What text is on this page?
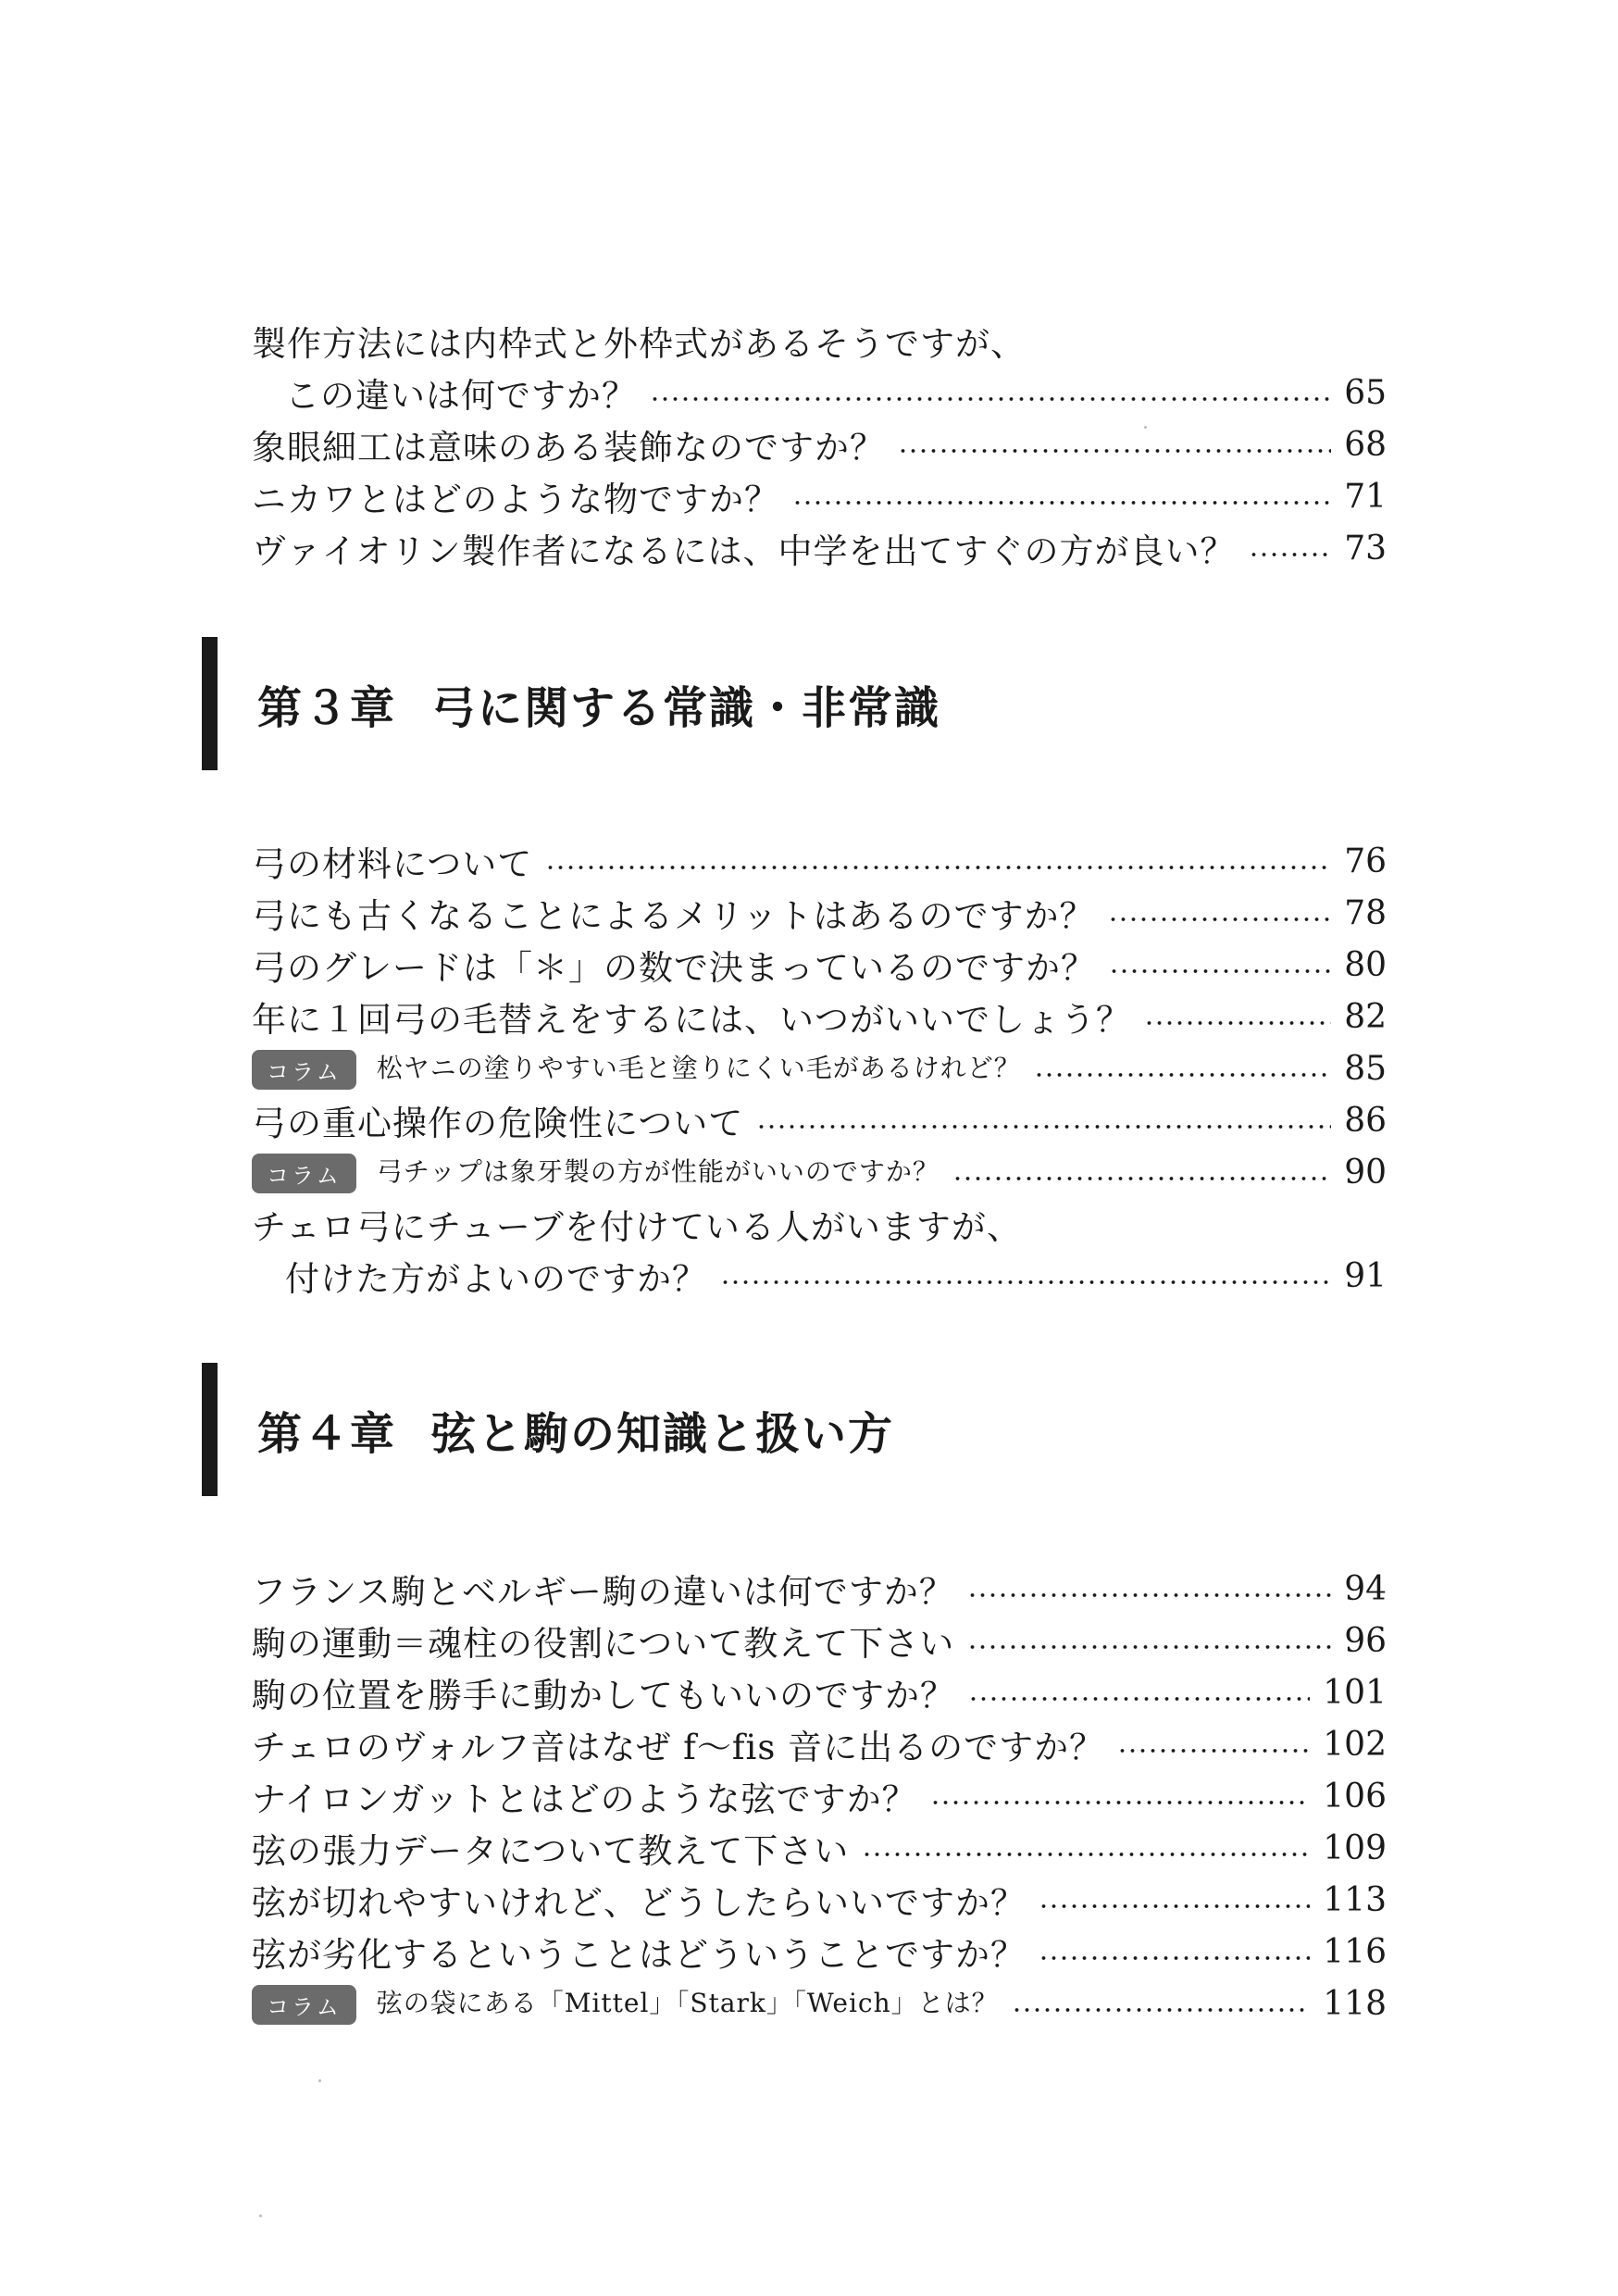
製作方法には内枠式と外枠式があるそうですが、
この違いは何ですか？	65
象眼細工は意味のある装飾なのですか？	68
ニカワとはどのような物ですか？	71
ヴァイオリン製作者になるには、中学を出てすぐの方が良い？	73
第３章 弓に関する常識・非常識
弓の材料について	76
弓にも古くなることによるメリットはあるのですか？	78
弓のグレードは「＊」の数で決まっているのですか？	80
年に１回弓の毛替えをするには、いつがいいでしょう？	82
コラム 松ヤニの塗りやすい毛と塗りにくい毛があるけれど？	85
弓の重心操作の危険性について	86
コラム 弓チップは象牙製の方が性能がいいのですか？	90
チェロ弓にチューブを付けている人がいますが、
付けた方がよいのですか？	91
第４章 弦と駒の知識と扱い方
フランス駒とベルギー駒の違いは何ですか？	94
駒の運動＝魂柱の役割について教えて下さい	96
駒の位置を勝手に動かしてもいいのですか？	101
チェロのヴォルフ音はなぜ f〜fis 音に出るのですか？	102
ナイロンガットとはどのような弦ですか？	106
弦の張力データについて教えて下さい	109
弦が切れやすいけれど、どうしたらいいですか？	113
弦が劣化するということはどういうことですか？	116
コラム 弦の袋にある「Mittel」「Stark」「Weich」とは？	118
